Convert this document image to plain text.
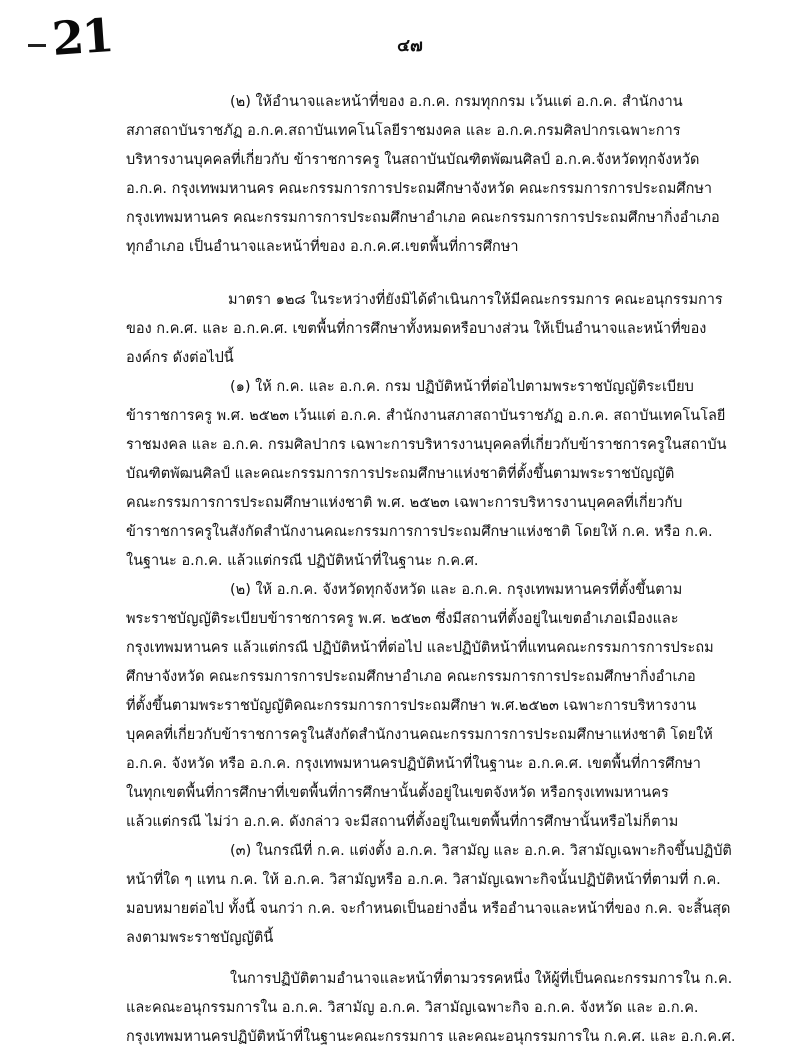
21	๔๗
(๒) ให้อำนาจและหน้าที่ของ อ.ก.ค. กรมทุกกรม เว้นแต่ อ.ก.ค. สำนักงาน
สภาสถาบันราชภัฏ อ.ก.ค.สถาบันเทคโนโลยีราชมงคล และ อ.ก.ค.กรมศิลปากรเฉพาะการ
บริหารงานบุคคลที่เกี่ยวกับ ข้าราชการครู ในสถาบันบัณฑิตพัฒนศิลป์ อ.ก.ค.จังหวัดทุกจังหวัด
อ.ก.ค. กรุงเทพมหานคร คณะกรรมการการประถมศึกษาจังหวัด คณะกรรมการการประถมศึกษา
กรุงเทพมหานคร คณะกรรมการการประถมศึกษาอำเภอ คณะกรรมการการประถมศึกษากิ่งอำเภอ
ทุกอำเภอ เป็นอำนาจและหน้าที่ของ อ.ก.ค.ศ.เขตพื้นที่การศึกษา
มาตรา ๑๒๘ ในระหว่างที่ยังมิได้ดำเนินการให้มีคณะกรรมการ คณะอนุกรรมการ
ของ ก.ค.ศ. และ อ.ก.ค.ศ. เขตพื้นที่การศึกษาทั้งหมดหรือบางส่วน ให้เป็นอำนาจและหน้าที่ของ
องค์กร ดังต่อไปนี้
(๑) ให้ ก.ค. และ อ.ก.ค. กรม ปฏิบัติหน้าที่ต่อไปตามพระราชบัญญัติระเบียบ
ข้าราชการครู พ.ศ. ๒๕๒๓ เว้นแต่ อ.ก.ค. สำนักงานสภาสถาบันราชภัฏ อ.ก.ค. สถาบันเทคโนโลยี
ราชมงคล และ อ.ก.ค. กรมศิลปากร เฉพาะการบริหารงานบุคคลที่เกี่ยวกับข้าราชการครูในสถาบัน
บัณฑิตพัฒนศิลป์ และคณะกรรมการการประถมศึกษาแห่งชาติที่ตั้งขึ้นตามพระราชบัญญัติ
คณะกรรมการการประถมศึกษาแห่งชาติ พ.ศ. ๒๕๒๓ เฉพาะการบริหารงานบุคคลที่เกี่ยวกับ
ข้าราชการครูในสังกัดสำนักงานคณะกรรมการการประถมศึกษาแห่งชาติ โดยให้ ก.ค. หรือ ก.ค.
ในฐานะ อ.ก.ค. แล้วแต่กรณี ปฏิบัติหน้าที่ในฐานะ ก.ค.ศ.
(๒) ให้ อ.ก.ค. จังหวัดทุกจังหวัด และ อ.ก.ค. กรุงเทพมหานครที่ตั้งขึ้นตาม
พระราชบัญญัติระเบียบข้าราชการครู พ.ศ. ๒๕๒๓ ซึ่งมีสถานที่ตั้งอยู่ในเขตอำเภอเมืองและ
กรุงเทพมหานคร แล้วแต่กรณี ปฏิบัติหน้าที่ต่อไป และปฏิบัติหน้าที่แทนคณะกรรมการการประถม
ศึกษาจังหวัด คณะกรรมการการประถมศึกษาอำเภอ คณะกรรมการการประถมศึกษากิ่งอำเภอ
ที่ตั้งขึ้นตามพระราชบัญญัติคณะกรรมการการประถมศึกษา พ.ศ.๒๕๒๓ เฉพาะการบริหารงาน
บุคคลที่เกี่ยวกับข้าราชการครูในสังกัดสำนักงานคณะกรรมการการประถมศึกษาแห่งชาติ โดยให้
อ.ก.ค. จังหวัด หรือ อ.ก.ค. กรุงเทพมหานครปฏิบัติหน้าที่ในฐานะ อ.ก.ค.ศ. เขตพื้นที่การศึกษา
ในทุกเขตพื้นที่การศึกษาที่เขตพื้นที่การศึกษานั้นตั้งอยู่ในเขตจังหวัด หรือกรุงเทพมหานคร
แล้วแต่กรณี ไม่ว่า อ.ก.ค. ดังกล่าว จะมีสถานที่ตั้งอยู่ในเขตพื้นที่การศึกษานั้นหรือไม่ก็ตาม
(๓) ในกรณีที่ ก.ค. แต่งตั้ง อ.ก.ค. วิสามัญ และ อ.ก.ค. วิสามัญเฉพาะกิจขึ้นปฏิบัติ
หน้าที่ใด ๆ แทน ก.ค. ให้ อ.ก.ค. วิสามัญหรือ อ.ก.ค. วิสามัญเฉพาะกิจนั้นปฏิบัติหน้าที่ตามที่ ก.ค.
มอบหมายต่อไป ทั้งนี้ จนกว่า ก.ค. จะกำหนดเป็นอย่างอื่น หรืออำนาจและหน้าที่ของ ก.ค. จะสิ้นสุด
ลงตามพระราชบัญญัตินี้
ในการปฏิบัติตามอำนาจและหน้าที่ตามวรรคหนึ่ง ให้ผู้ที่เป็นคณะกรรมการใน ก.ค.
และคณะอนุกรรมการใน อ.ก.ค. วิสามัญ อ.ก.ค. วิสามัญเฉพาะกิจ อ.ก.ค. จังหวัด และ อ.ก.ค.
กรุงเทพมหานครปฏิบัติหน้าที่ในฐานะคณะกรรมการ และคณะอนุกรรมการใน ก.ค.ศ. และ อ.ก.ค.ศ.
